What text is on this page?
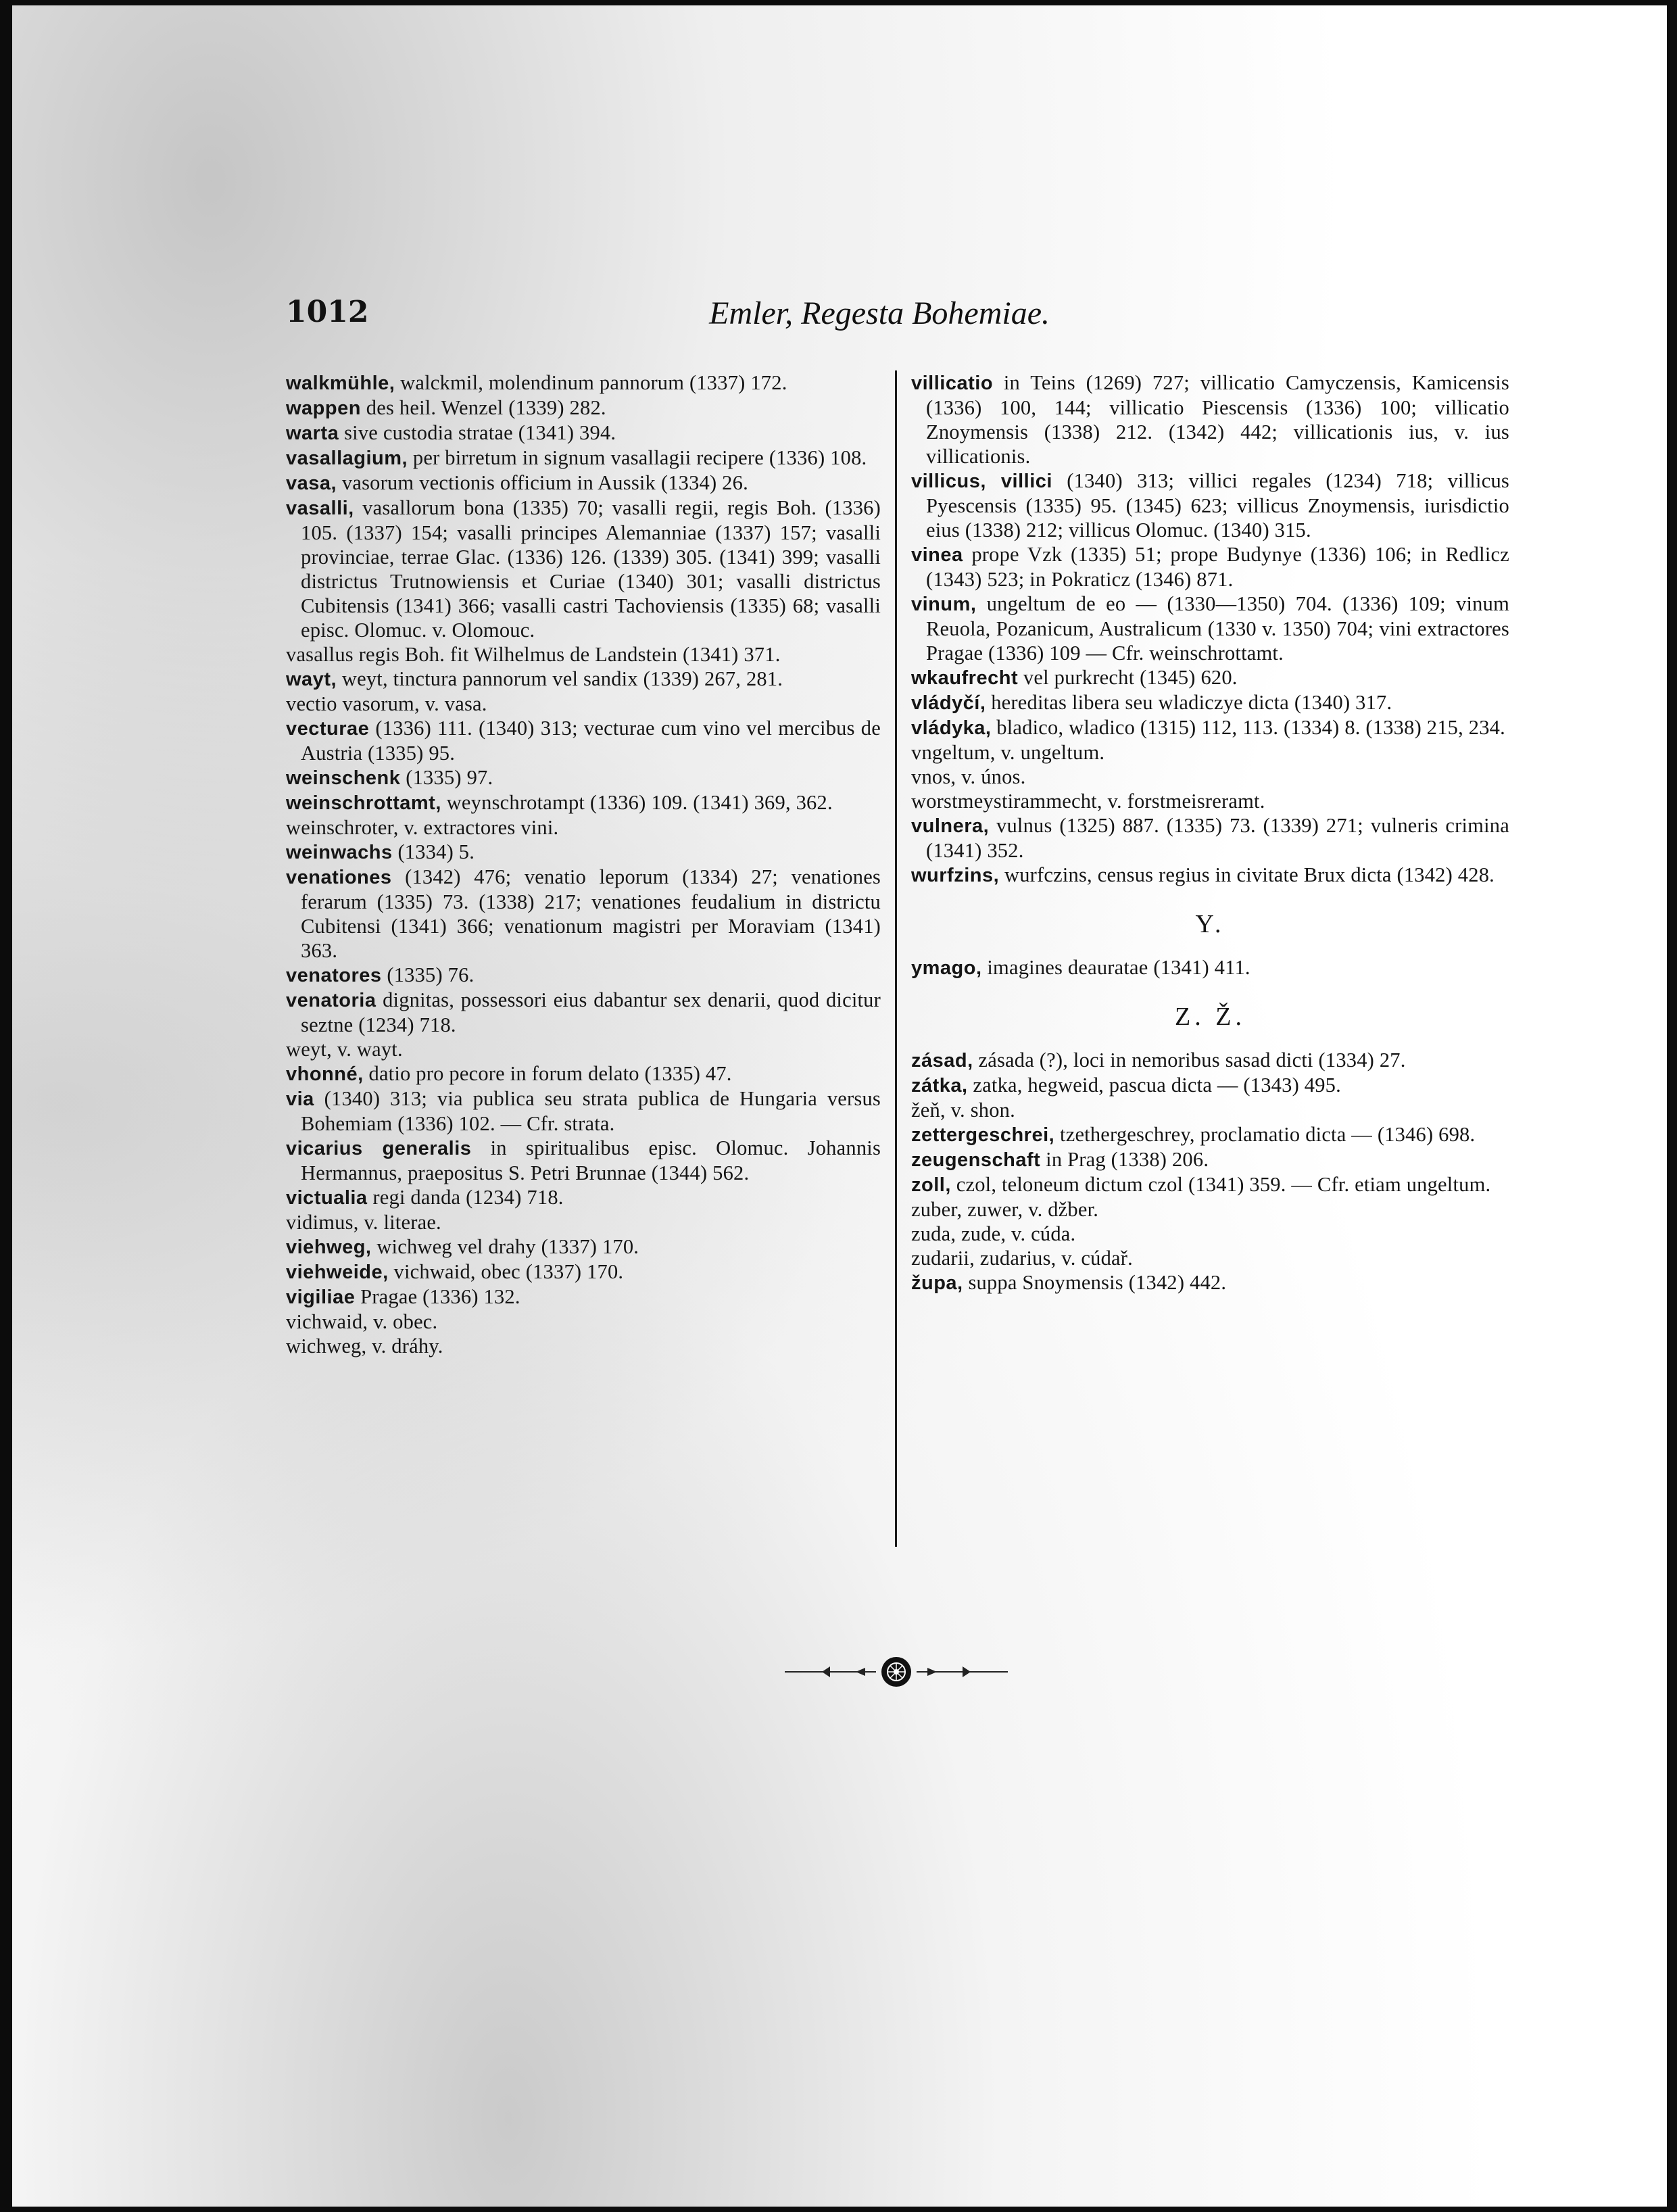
1012	Emler, Regesta Bohemiae.

walkmühle, walckmil, molendinum pannorum (1337) 172.

wappen des heil. Wenzel (1339) 282.

warta sive custodia stratae (1341) 394.

vasallagium, per birretum in signum vasallagii recipere (1336) 108.

vasa, vasorum vectionis officium in Aussik (1334) 26.

vasalli, vasallorum bona (1335) 70; vasalli regii, regis Boh. (1336) 105. (1337) 154; vasalli principes Alemanniae (1337) 157; vasalli provinciae, terrae Glac. (1336) 126. (1339) 305. (1341) 399; vasalli districtus Trutnowiensis et Curiae (1340) 301; vasalli districtus Cubitensis (1341) 366; vasalli castri Tachoviensis (1335) 68; vasalli episc. Olomuc. v. Olomouc.

vasallus regis Boh. fit Wilhelmus de Landstein (1341) 371.

wayt, weyt, tinctura pannorum vel sandix (1339) 267, 281.

vectio vasorum, v. vasa.

vecturae (1336) 111. (1340) 313; vecturae cum vino vel mercibus de Austria (1335) 95.

weinschenk (1335) 97.

weinschrottamt, weynschrotampt (1336) 109. (1341) 369, 362.

weinschroter, v. extractores vini.

weinwachs (1334) 5.

venationes (1342) 476; venatio leporum (1334) 27; venationes ferarum (1335) 73. (1338) 217; venationes feudalium in districtu Cubitensi (1341) 366; venationum magistri per Moraviam (1341) 363.

venatores (1335) 76.

venatoria dignitas, possessori eius dabantur sex denarii, quod dicitur seztne (1234) 718.

weyt, v. wayt.

vhonné, datio pro pecore in forum delato (1335) 47.

via (1340) 313; via publica seu strata publica de Hungaria versus Bohemiam (1336) 102. — Cfr. strata.

vicarius generalis in spiritualibus episc. Olomuc. Johannis Hermannus, praepositus S. Petri Brunnae (1344) 562.

victualia regi danda (1234) 718.

vidimus, v. literae.

viehweg, wichweg vel drahy (1337) 170.

viehweide, vichwaid, obec (1337) 170.

vigiliae Pragae (1336) 132.

vichwaid, v. obec.

wichweg, v. dráhy.

villicatio in Teins (1269) 727; villicatio Camyczensis, Kamicensis (1336) 100, 144; villicatio Piescensis (1336) 100; villicatio Znoymensis (1338) 212. (1342) 442; villicationis ius, v. ius villicationis.

villicus, villici (1340) 313; villici regales (1234) 718; villicus Pyescensis (1335) 95. (1345) 623; villicus Znoymensis, iurisdictio eius (1338) 212; villicus Olomuc. (1340) 315.

vinea prope Vzk (1335) 51; prope Budynye (1336) 106; in Redlicz (1343) 523; in Pokraticz (1346) 871.

vinum, ungeltum de eo — (1330—1350) 704. (1336) 109; vinum Reuola, Pozanicum, Australicum (1330 v. 1350) 704; vini extractores Pragae (1336) 109 — Cfr. weinschrottamt.

wkaufrecht vel purkrecht (1345) 620.

vládyčí, hereditas libera seu wladiczye dicta (1340) 317.

vládyka, bladico, wladico (1315) 112, 113. (1334) 8. (1338) 215, 234.

vngeltum, v. ungeltum.

vnos, v. únos.

worstmeystirammecht, v. forstmeisreramt.

vulnera, vulnus (1325) 887. (1335) 73. (1339) 271; vulneris crimina (1341) 352.

wurfzins, wurfczins, census regius in civitate Brux dicta (1342) 428.

Y.

ymago, imagines deauratae (1341) 411.

Z. Ž.

zásad, zásada (?), loci in nemoribus sasad dicti (1334) 27.

zátka, zatka, hegweid, pascua dicta — (1343) 495.

žeň, v. shon.

zettergeschrei, tzethergeschrey, proclamatio dicta — (1346) 698.

zeugenschaft in Prag (1338) 206.

zoll, czol, teloneum dictum czol (1341) 359. — Cfr. etiam ungeltum.

zuber, zuwer, v. džber.

zuda, zude, v. cúda.

zudarii, zudarius, v. cúdař.

župa, suppa Snoymensis (1342) 442.
